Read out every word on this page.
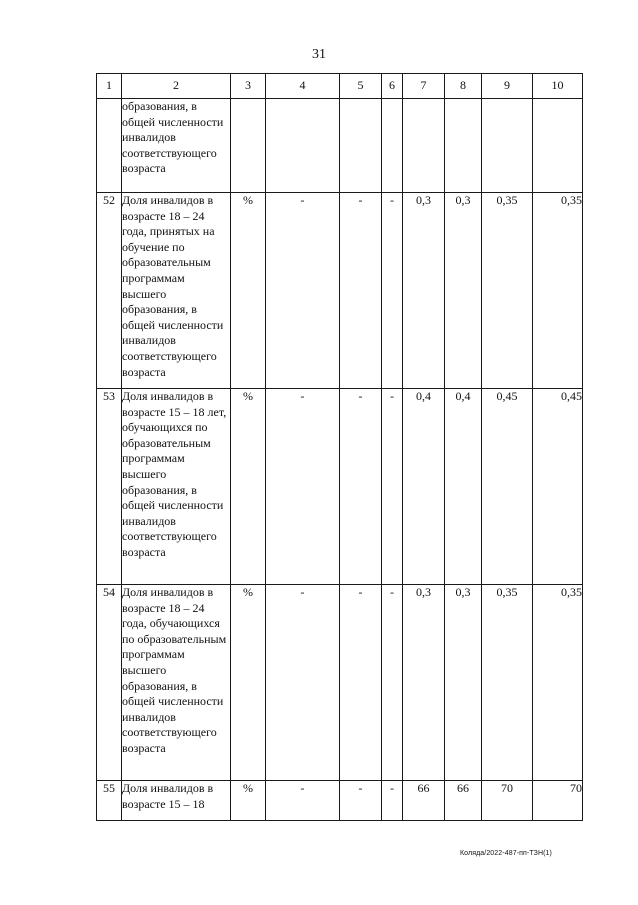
31
1	2	3	4	5	6	7	8	9	10
	образования, в общей численности инвалидов соответствующего возраста								
52	Доля инвалидов в возрасте 18 – 24 года, принятых на обучение по образовательным программам высшего образования, в общей численности инвалидов соответствующего возраста	%	-	-	-	0,3	0,3	0,35	0,35
53	Доля инвалидов в возрасте 15 – 18 лет, обучающихся по образовательным программам высшего образования, в общей численности инвалидов соответствующего возраста	%	-	-	-	0,4	0,4	0,45	0,45
54	Доля инвалидов в возрасте 18 – 24 года, обучающихся по образовательным программам высшего образования, в общей численности инвалидов соответствующего возраста	%	-	-	-	0,3	0,3	0,35	0,35
55	Доля инвалидов в возрасте 15 – 18	%	-	-	-	66	66	70	70
Коляда/2022-487-пп-ТЗН(1)
